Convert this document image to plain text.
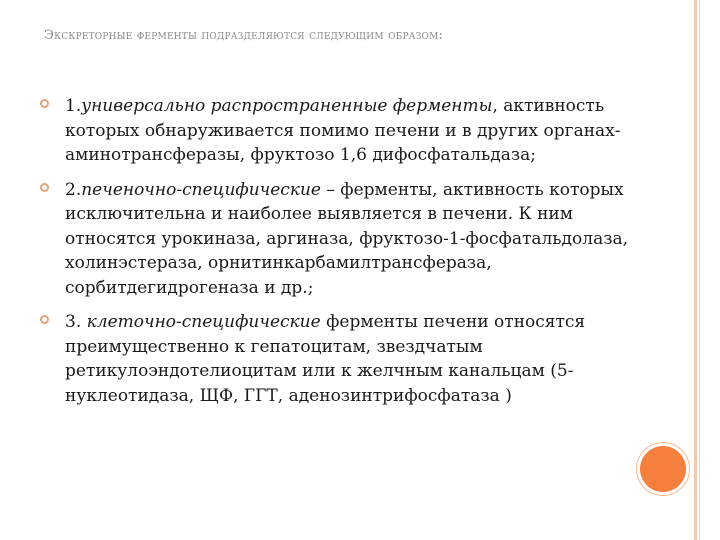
Экскреторные ферменты подразделяются следующим образом:
1.универсально распространенные ферменты, активность которых обнаруживается помимо печени и в других органах- аминотрансферазы, фруктозо 1,6 дифосфатальдаза;
2.печеночно-специфические – ферменты, активность которых исключительна и наиболее выявляется в печени. К ним относятся урокиназа, аргиназа, фруктозо-1-фосфатальдолаза, холинэстераза, орнитинкарбамилтрансфераза, сорбитдегидрогеназа и др.;
3. клеточно-специфические ферменты печени относятся преимущественно к гепатоцитам, звездчатым ретикулоэндотелиоцитам или к желчным канальцам (5-нуклеотидаза, ЩФ, ГГТ, аденозинтрифосфатаза )
